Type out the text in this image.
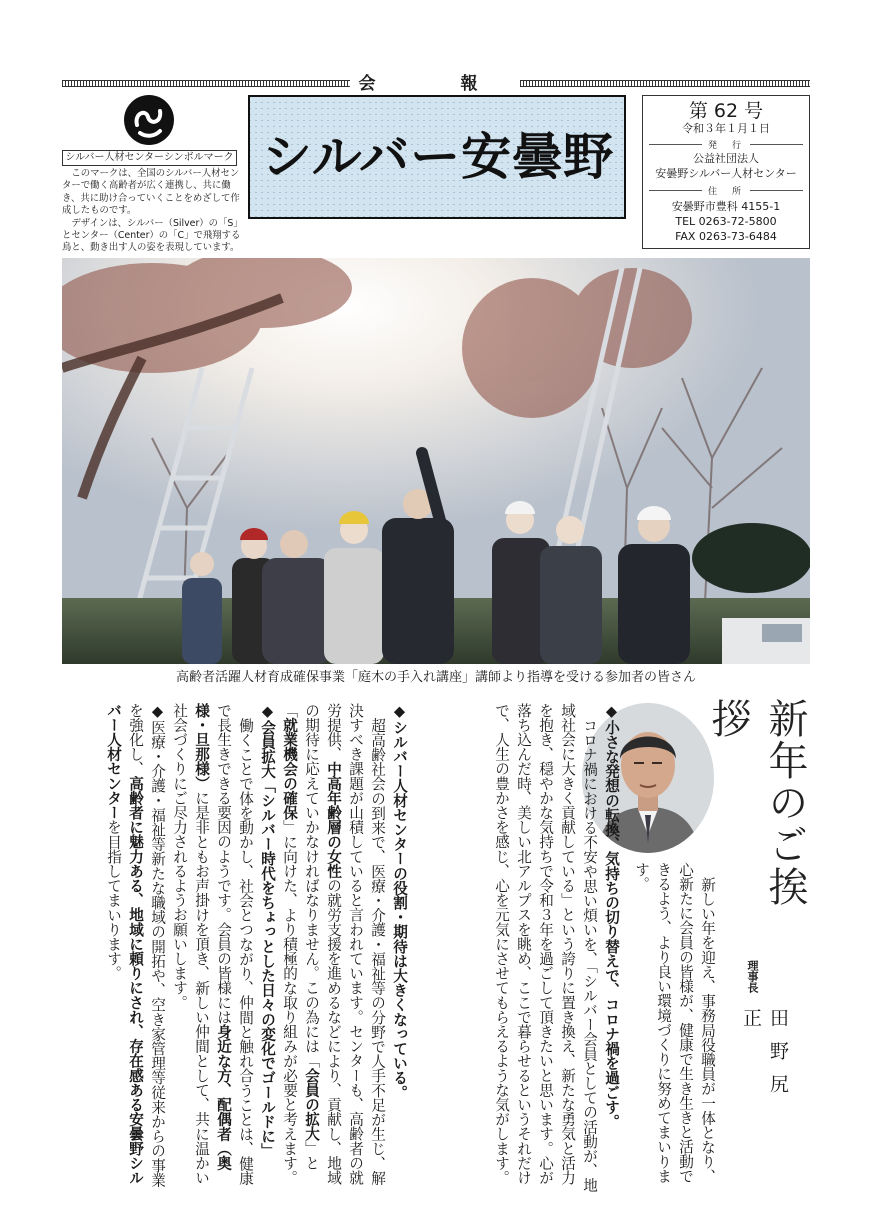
会　報
シルバー人材センターシンボルマーク

このマークは、全国のシルバー人材センターで働く高齢者が広く連携し、共に働き、共に助け合っていくことをめざして作成したものです。

デザインは、シルバー（Silver）の「S」とセンター（Center）の「C」で飛翔する鳥と、動き出す人の姿を表現しています。

シルバー安曇野
第 62 号
令和３年１月１日
発　行
公益社団法人
安曇野シルバー人材センター
住　所
安曇野市豊科 4155-1
TEL 0263-72-5800
FAX 0263-73-6484
高齢者活躍人材育成確保事業「庭木の手入れ講座」講師より指導を受ける参加者の皆さん
新年のご挨拶
理事長
田野尻　正

新しい年を迎え、事務局役職員が一体となり、心新たに会員の皆様が、健康で生き生きと活動できるよう、より良い環境づくりに努めてまいります。

◆小さな発想の転換、気持ちの切り替えで、コロナ禍を過ごす。

コロナ禍における不安や思い煩いを、「シルバー会員としての活動が、地域社会に大きく貢献している」という誇りに置き換え、新たな勇気と活力を抱き、穏やかな気持ちで令和３年を過ごして頂きたいと思います。心が落ち込んだ時、美しい北アルプスを眺め、ここで暮らせるというそれだけで、人生の豊かさを感じ、心を元気にさせてもらえるような気がします。

◆シルバー人材センターの役割・期待は大きくなっている。

超高齢社会の到来で、医療・介護・福祉等の分野で人手不足が生じ、解決すべき課題が山積していると言われています。センターも、高齢者の就労提供、中高年齢層の女性の就労支援を進めるなどにより、貢献し、地域の期待に応えていかなければなりません。この為には「会員の拡大」と「就業機会の確保」に向けた、より積極的な取り組みが必要と考えます。

◆会員拡大「シルバー時代をちょっとした日々の変化でゴールドに」

働くことで体を動かし、社会とつながり、仲間と触れ合うことは、健康で長生きできる要因のようです。会員の皆様には身近な方、配偶者（奥様・旦那様）に是非ともお声掛けを頂き、新しい仲間として、共に温かい社会づくりにご尽力されるようお願いします。

◆医療・介護・福祉等新たな職域の開拓や、空き家管理等従来からの事業を強化し、高齢者に魅力ある、地域に頼りにされ、存在感ある安曇野シルバー人材センターを目指してまいります。
